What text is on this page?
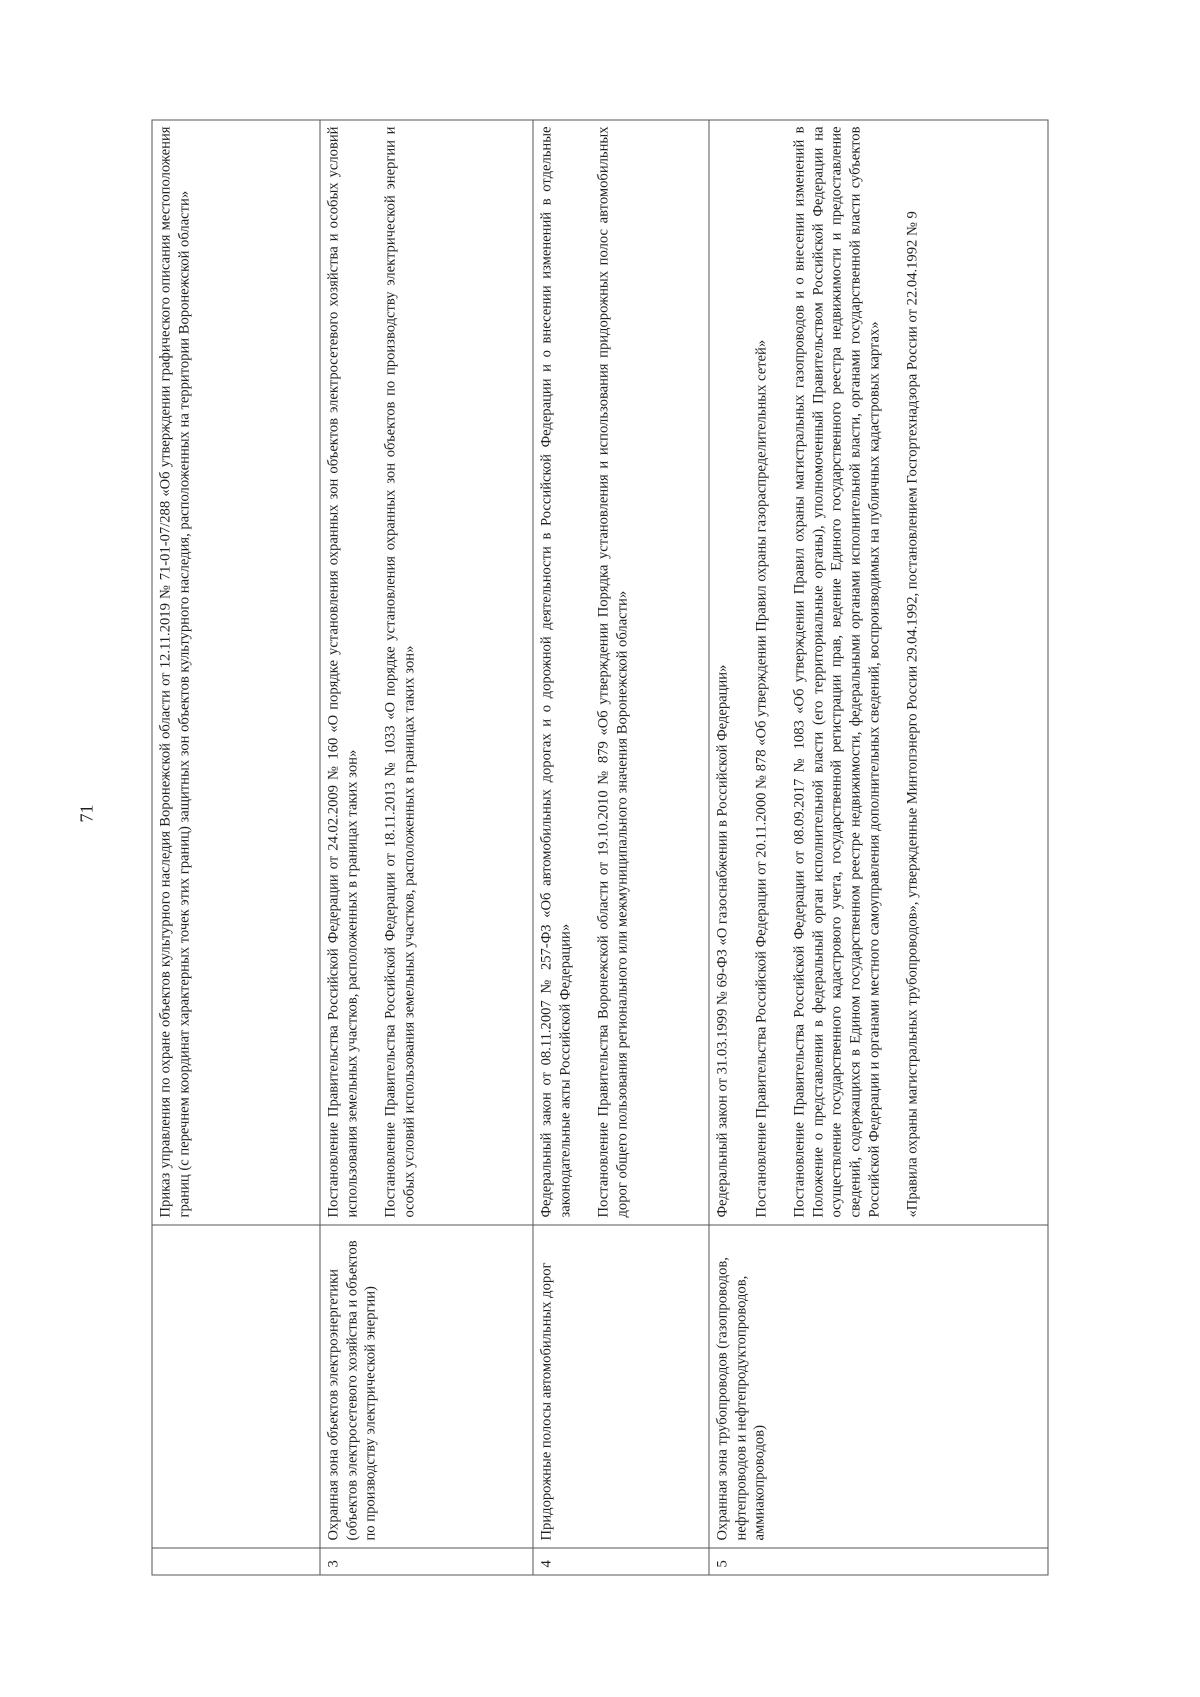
71

		Приказ управления по охране объектов культурного наследия Воронежской области от 12.11.2019 № 71-01-07/288 «Об утверждении графического описания местоположения границ (с перечнем координат характерных точек этих границ) защитных зон объектов культурного наследия, расположенных на территории Воронежской области»

3	Охранная зона объектов электроэнергетики (объектов электросетевого хозяйства и объектов по производству электрической энергии)	Постановление Правительства Российской Федерации от 24.02.2009 № 160 «О порядке установления охранных зон объектов электросетевого хозяйства и особых условий использования земельных участков, расположенных в границах таких зон» Постановление Правительства Российской Федерации от 18.11.2013 № 1033 «О порядке установления охранных зон объектов по производству электрической энергии и особых условий использования земельных участков, расположенных в границах таких зон»

4	Придорожные полосы автомобильных дорог	Федеральный закон от 08.11.2007 № 257-ФЗ «Об автомобильных дорогах и о дорожной деятельности в Российской Федерации и о внесении изменений в отдельные законодательные акты Российской Федерации» Постановление Правительства Воронежской области от 19.10.2010 № 879 «Об утверждении Порядка установления и использования придорожных полос автомобильных дорог общего пользования регионального или межмуниципального значения Воронежской области»

5	Охранная зона трубопроводов (газопроводов, нефтепроводов и нефтепродуктопроводов, аммиакопроводов)	Федеральный закон от 31.03.1999 № 69-ФЗ «О газоснабжении в Российской Федерации» Постановление Правительства Российской Федерации от 20.11.2000 № 878 «Об утверждении Правил охраны газораспределительных сетей» Постановление Правительства Российской Федерации от 08.09.2017 № 1083 «Об утверждении Правил охраны магистральных газопроводов и о внесении изменений в Положение о представлении в федеральный орган исполнительной власти (его территориальные органы), уполномоченный Правительством Российской Федерации на осуществление государственного кадастрового учета, государственной регистрации прав, ведение Единого государственного реестра недвижимости и предоставление сведений, содержащихся в Едином государственном реестре недвижимости, федеральными органами исполнительной власти, органами государственной власти субъектов Российской Федерации и органами местного самоуправления дополнительных сведений, воспроизводимых на публичных кадастровых картах» «Правила охраны магистральных трубопроводов», утвержденные Минтопэнерго России 29.04.1992, постановлением Госгортехнадзора России от 22.04.1992 № 9
